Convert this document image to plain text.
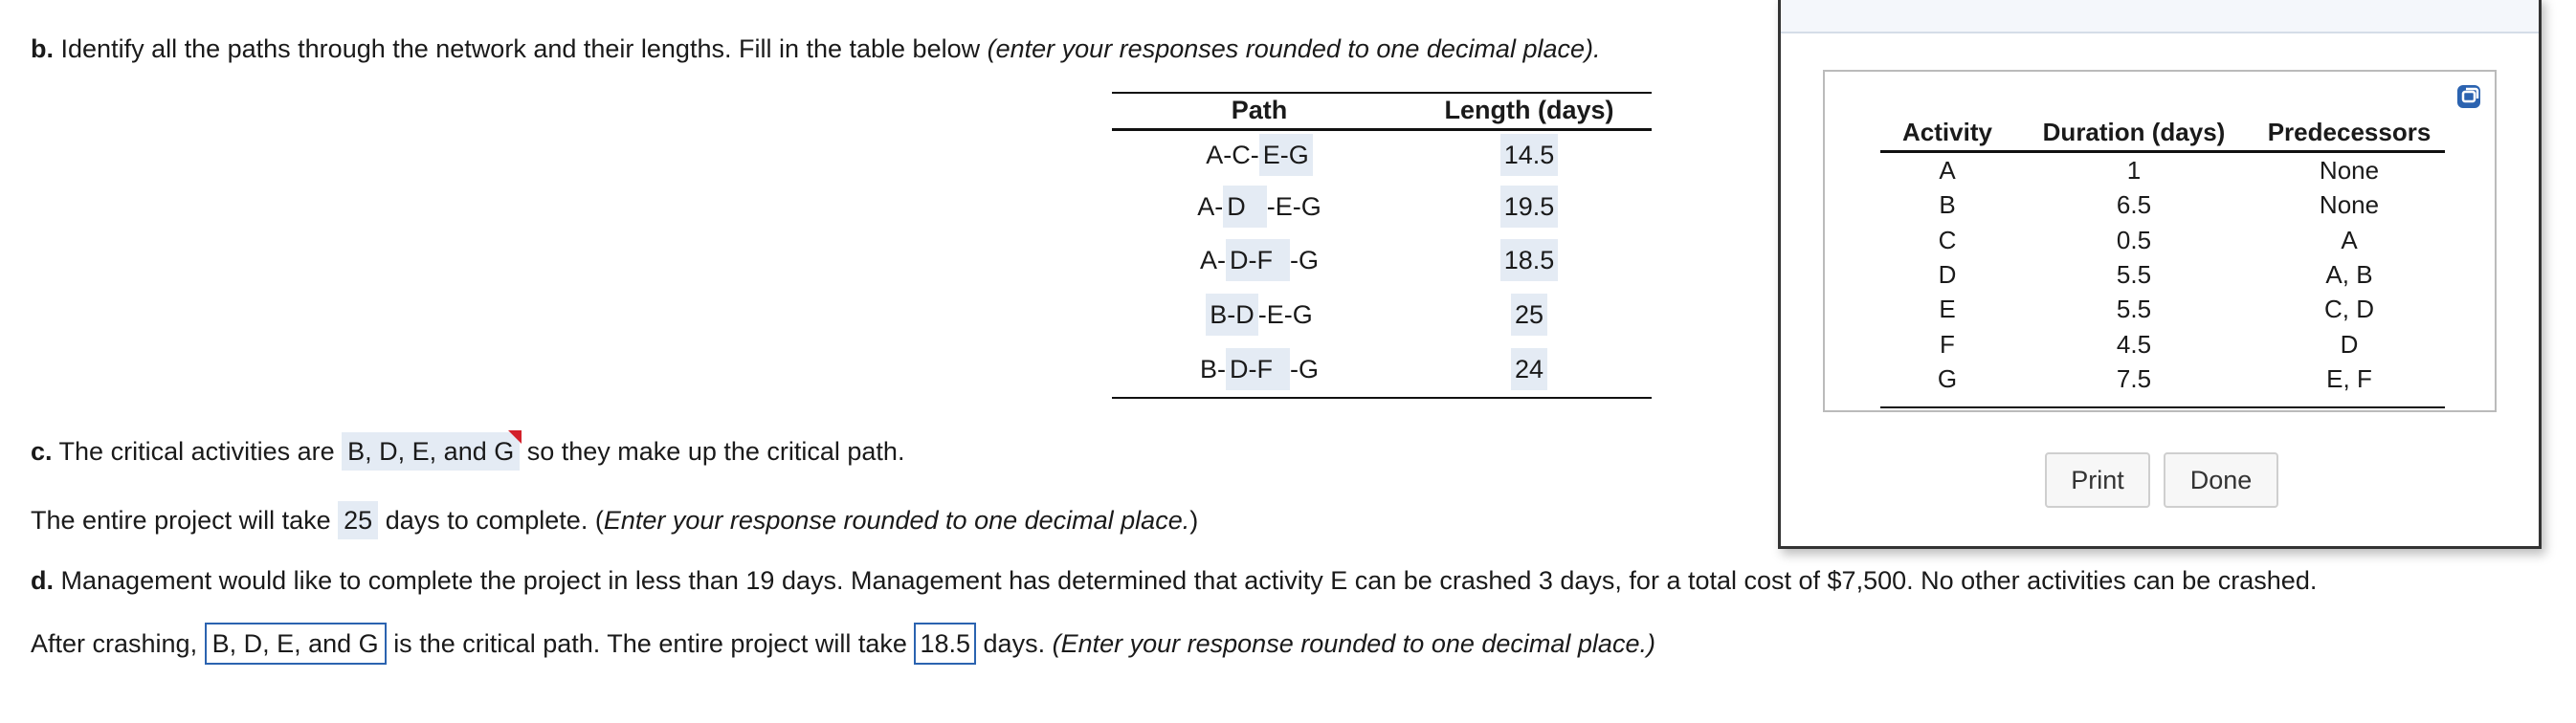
b. Identify all the paths through the network and their lengths. Fill in the table below (enter your responses rounded to one decimal place).
Path	Length (days)
A-C-E-G	14.5
A-D -E-G	19.5
A-D-F -G	18.5
B-D-E-G	25
B-D-F-G	24
c. The critical activities are B, D, E, and G so they make up the critical path.
The entire project will take 25 days to complete. (Enter your response rounded to one decimal place.)
d. Management would like to complete the project in less than 19 days. Management has determined that activity E can be crashed 3 days, for a total cost of $7,500. No other activities can be crashed.
After crashing, B, D, E, and G is the critical path. The entire project will take 18.5 days. (Enter your response rounded to one decimal place.)
Activity	Duration (days)	Predecessors
A	1	None
B	6.5	None
C	0.5	A
D	5.5	A, B
E	5.5	C, D
F	4.5	D
G	7.5	E, F
Print	Done
